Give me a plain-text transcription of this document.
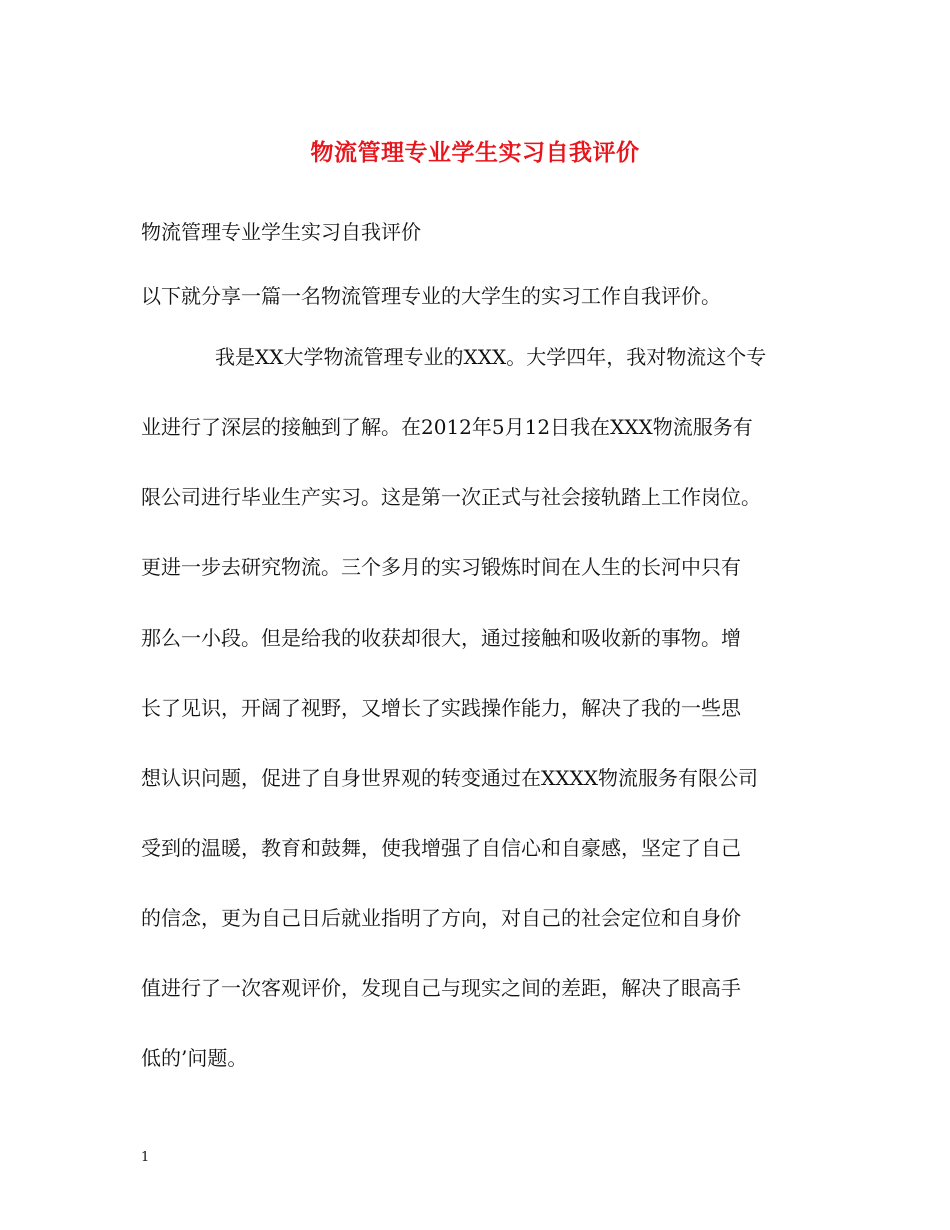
物流管理专业学生实习自我评价
物流管理专业学生实习自我评价
以下就分享一篇一名物流管理专业的大学生的实习工作自我评价。
我是XX大学物流管理专业的XXX。大学四年，我对物流这个专
业进行了深层的接触到了解。在2012年5月12日我在XXX物流服务有
限公司进行毕业生产实习。这是第一次正式与社会接轨踏上工作岗位。
更进一步去研究物流。三个多月的实习锻炼时间在人生的长河中只有
那么一小段。但是给我的收获却很大，通过接触和吸收新的事物。增
长了见识，开阔了视野，又增长了实践操作能力，解决了我的一些思
想认识问题，促进了自身世界观的转变通过在XXXX物流服务有限公司
受到的温暖，教育和鼓舞，使我增强了自信心和自豪感，坚定了自己
的信念，更为自己日后就业指明了方向，对自己的社会定位和自身价
值进行了一次客观评价，发现自己与现实之间的差距，解决了眼高手
低的’问题。
1
